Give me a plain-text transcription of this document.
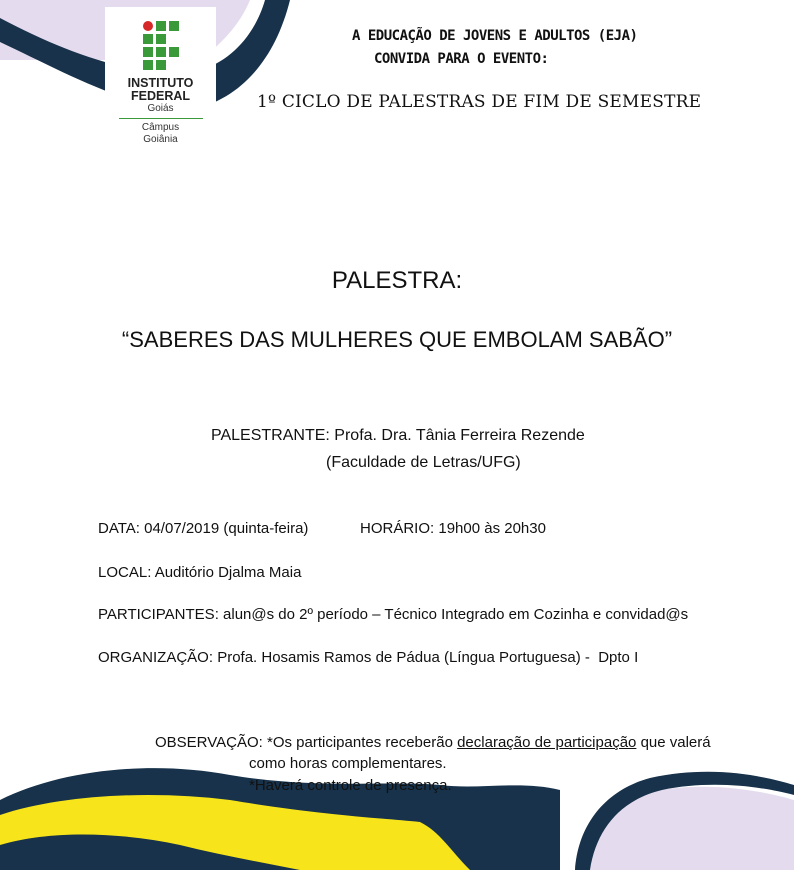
INSTITUTO
FEDERAL
Goiás
Câmpus
Goiânia
A EDUCAÇÃO DE JOVENS E ADULTOS (EJA)
CONVIDA PARA O EVENTO:
1º CICLO DE PALESTRAS DE FIM DE SEMESTRE
PALESTRA:
“SABERES DAS MULHERES QUE EMBOLAM SABÃO”
PALESTRANTE: Profa. Dra. Tânia Ferreira Rezende
(Faculdade de Letras/UFG)
DATA: 04/07/2019 (quinta-feira)	HORÁRIO: 19h00 às 20h30
LOCAL: Auditório Djalma Maia
PARTICIPANTES: alun@s do 2º período – Técnico Integrado em Cozinha e convidad@s
ORGANIZAÇÃO: Profa. Hosamis Ramos de Pádua (Língua Portuguesa) -  Dpto I
OBSERVAÇÃO: *Os participantes receberão declaração de participação que valerá
como horas complementares.
*Haverá controle de presença.
